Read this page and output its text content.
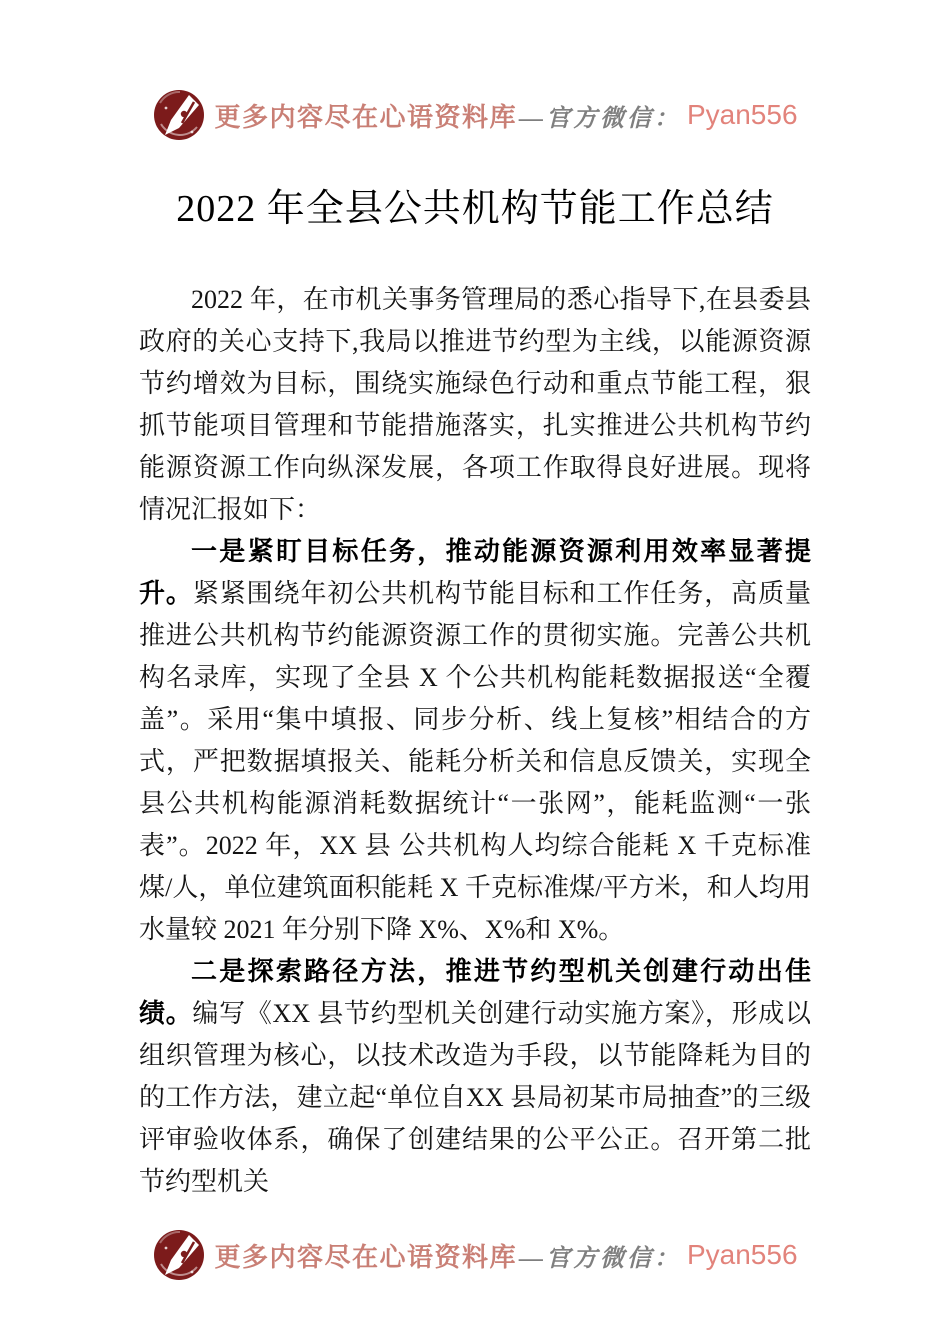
更多内容尽在心语资料库 —官方微信： Pyan556
2022 年全县公共机构节能工作总结

2022 年，在市机关事务管理局的悉心指导下,在县委县政府的关心支持下,我局以推进节约型为主线，以能源资源节约增效为目标，围绕实施绿色行动和重点节能工程，狠抓节能项目管理和节能措施落实，扎实推进公共机构节约能源资源工作向纵深发展，各项工作取得良好进展。现将情况汇报如下：

一是紧盯目标任务，推动能源资源利用效率显著提升。紧紧围绕年初公共机构节能目标和工作任务，高质量推进公共机构节约能源资源工作的贯彻实施。完善公共机构名录库，实现了全县 X 个公共机构能耗数据报送“全覆盖”。采用“集中填报、同步分析、线上复核”相结合的方式，严把数据填报关、能耗分析关和信息反馈关，实现全县公共机构能源消耗数据统计“一张网”，能耗监测“一张表”。2022 年，XX 县 公共机构人均综合能耗 X 千克标准煤/人，单位建筑面积能耗 X 千克标准煤/平方米，和人均用水量较 2021 年分别下降 X%、X%和 X%。

二是探索路径方法，推进节约型机关创建行动出佳绩。编写《XX 县节约型机关创建行动实施方案》，形成以组织管理为核心，以技术改造为手段，以节能降耗为目的的工作方法，建立起“单位自XX 县局初某市局抽查”的三级评审验收体系，确保了创建结果的公平公正。召开第二批节约型机关

更多内容尽在心语资料库 —官方微信： Pyan556
